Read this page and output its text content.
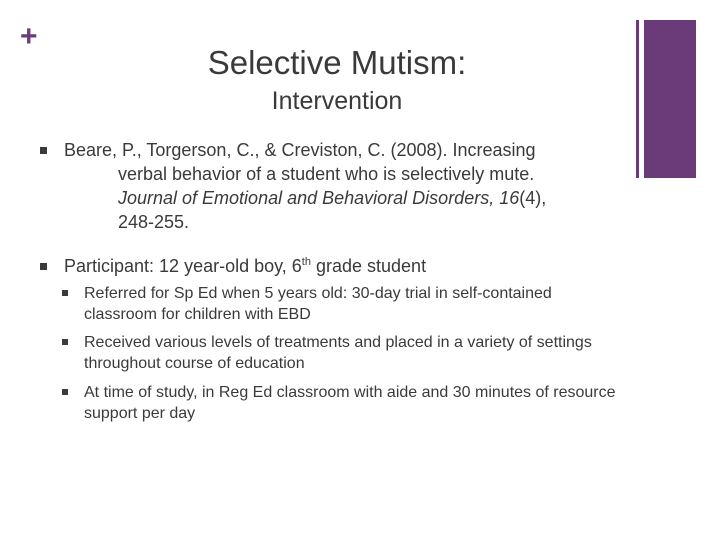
+
Selective Mutism:
Intervention
Beare, P., Torgerson, C., & Creviston, C. (2008). Increasing
verbal behavior of a student who is selectively mute.
Journal of Emotional and Behavioral Disorders, 16(4),
248-255.
Participant: 12 year-old boy, 6th grade student
Referred for Sp Ed when 5 years old: 30-day trial in self-contained classroom for children with EBD
Received various levels of treatments and placed in a variety of settings throughout course of education
At time of study, in Reg Ed classroom with aide and 30 minutes of resource support per day
